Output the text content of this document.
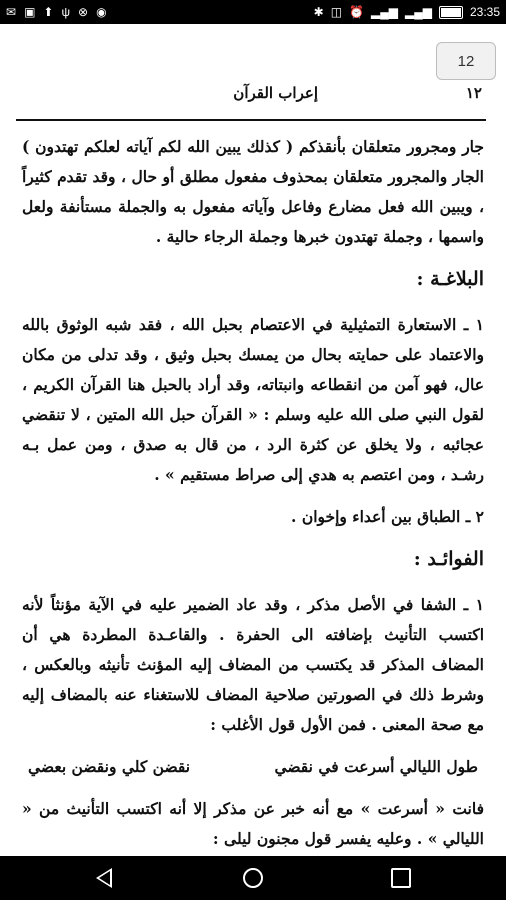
✉ ▣ ⬆ ψ ⊗ ◉	✱ ◫ ⏰ ▂▄▆ ▂▄▆	23:35
12
١٢
إعراب القرآن

جار ومجرور متعلقان بأنقذكم ( كذلك يبين الله لكم آياته لعلكم تهتدون ) الجار والمجرور متعلقان بمحذوف مفعول مطلق أو حال ، وقد تقدم كثيراً ، ويبين الله فعل مضارع وفاعل وآياته مفعول به والجملة مستأنفة ولعل واسمها ، وجملة تهتدون خبرها وجملة الرجاء حالية .

البلاغـة :

١ ـ الاستعارة التمثيلية في الاعتصام بحبل الله ، فقد شبه الوثوق بالله والاعتماد على حمايته بحال من يمسك بحبل وثيق ، وقد تدلى من مكان عال، فهو آمن من انقطاعه وانبتاته، وقد أراد بالحبل هنا القرآن الكريم ، لقول النبي صلى الله عليه وسلم : « القرآن حبل الله المتين ، لا تنقضي عجائبه ، ولا يخلق عن كثرة الرد ، من قال به صدق ، ومن عمل بـه رشـد ، ومن اعتصم به هدي إلى صراط مستقيم » .

٢ ـ الطباق بين أعداء وإخوان .

الفوائـد :

١ ـ الشفا في الأصل مذكر ، وقد عاد الضمير عليه في الآية مؤنثاً لأنه اكتسب التأنيث بإضافته الى الحفرة . والقاعـدة المطردة هي أن المضاف المذكر قد يكتسب من المضاف إليه المؤنث تأنيثه وبالعكس ، وشرط ذلك في الصورتين صلاحية المضاف للاستغناء عنه بالمضاف إليه مع صحة المعنى . فمن الأول قول الأغلب :

طول الليالي أسرعت في نقضي
نقضن كلي ونقضن بعضي

فانت « أسرعت » مع أنه خبر عن مذكر إلا أنه اكتسب التأنيث من « الليالي » . وعليه يفسر قول مجنون ليلى :
